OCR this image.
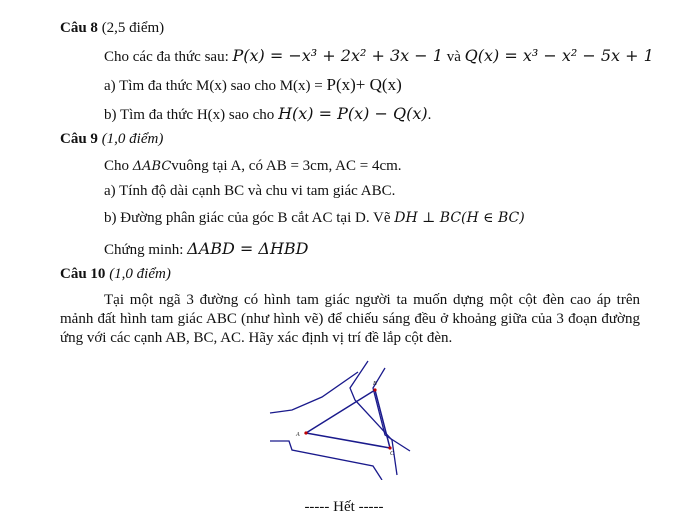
Câu 8 (2,5 điểm)
Cho các đa thức sau: P(x) = −x³ + 2x² + 3x − 1 và Q(x) = x³ − x² − 5x + 1
a) Tìm đa thức M(x) sao cho M(x) = P(x)+ Q(x)
b) Tìm đa thức H(x) sao cho H(x) = P(x) − Q(x).
Câu 9 (1,0 điểm)
Cho ΔABCvuông tại A, có AB = 3cm, AC = 4cm.
a) Tính độ dài cạnh BC và chu vi tam giác ABC.
b) Đường phân giác của góc B cắt AC tại D. Vẽ DH ⊥ BC(H ∈ BC)
Chứng minh: ΔABD = ΔHBD
Câu 10 (1,0 điểm)
Tại một ngã 3 đường có hình tam giác người ta muốn dựng một cột đèn cao áp trên mảnh đất hình tam giác ABC (như hình vẽ) để chiếu sáng đều ở khoảng giữa của 3 đoạn đường ứng với các cạnh AB, BC, AC. Hãy xác định vị trí đề lắp cột đèn.
A
B
C
----- Hết -----
